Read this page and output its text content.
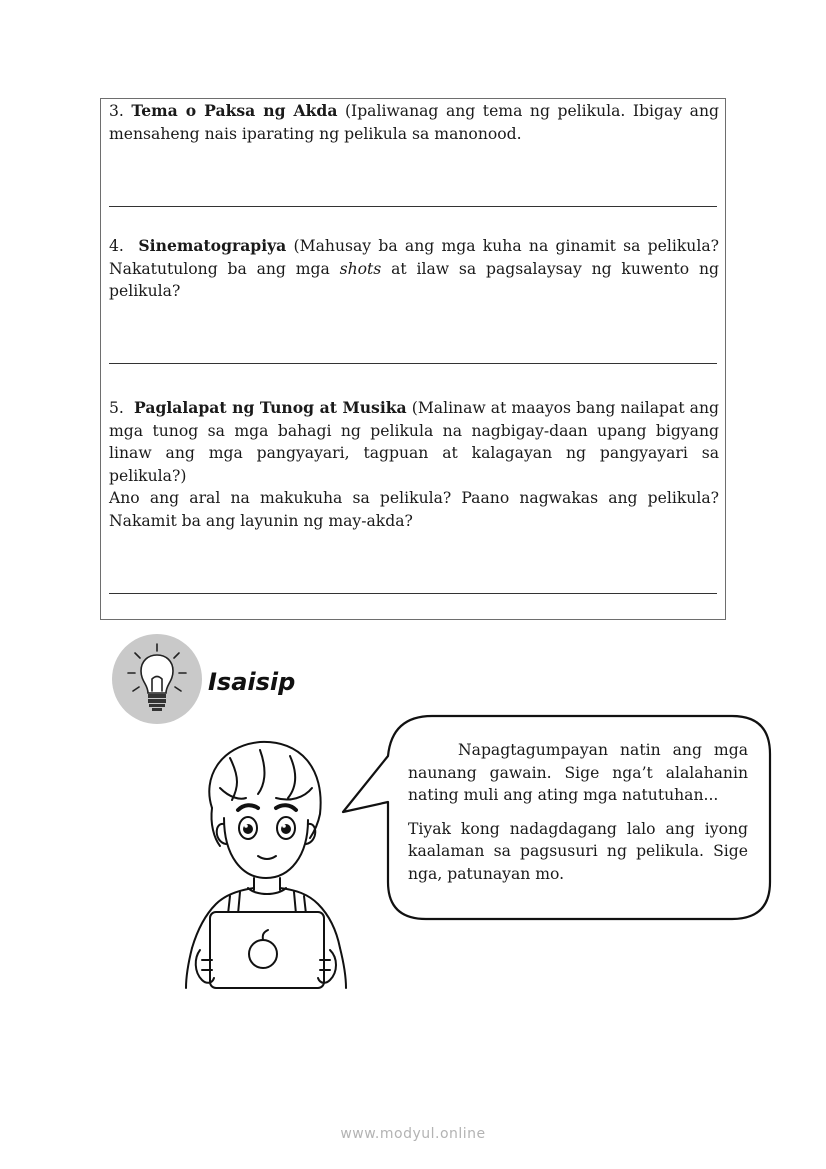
3. Tema o Paksa ng Akda (Ipaliwanag ang tema ng pelikula. Ibigay ang mensaheng nais iparating ng pelikula sa manonood.
4. Sinematograpiya (Mahusay ba ang mga kuha na ginamit sa pelikula? Nakatutulong ba ang mga shots at ilaw sa pagsalaysay ng kuwento ng pelikula?
5. Paglalapat ng Tunog at Musika (Malinaw at maayos bang nailapat ang mga tunog sa mga bahagi ng pelikula na nagbigay-daan upang bigyang linaw ang mga pangyayari, tagpuan at kalagayan ng pangyayari sa pelikula?)
Ano ang aral na makukuha sa pelikula? Paano nagwakas ang pelikula? Nakamit ba ang layunin ng may-akda?
Isaisip

Napagtagumpayan natin ang mga naunang gawain. Sige nga’t alalahanin nating muli ang ating mga natutuhan...

Tiyak kong nadagdagang lalo ang iyong kaalaman sa pagsusuri ng pelikula. Sige nga, patunayan mo.

www.modyul.online
